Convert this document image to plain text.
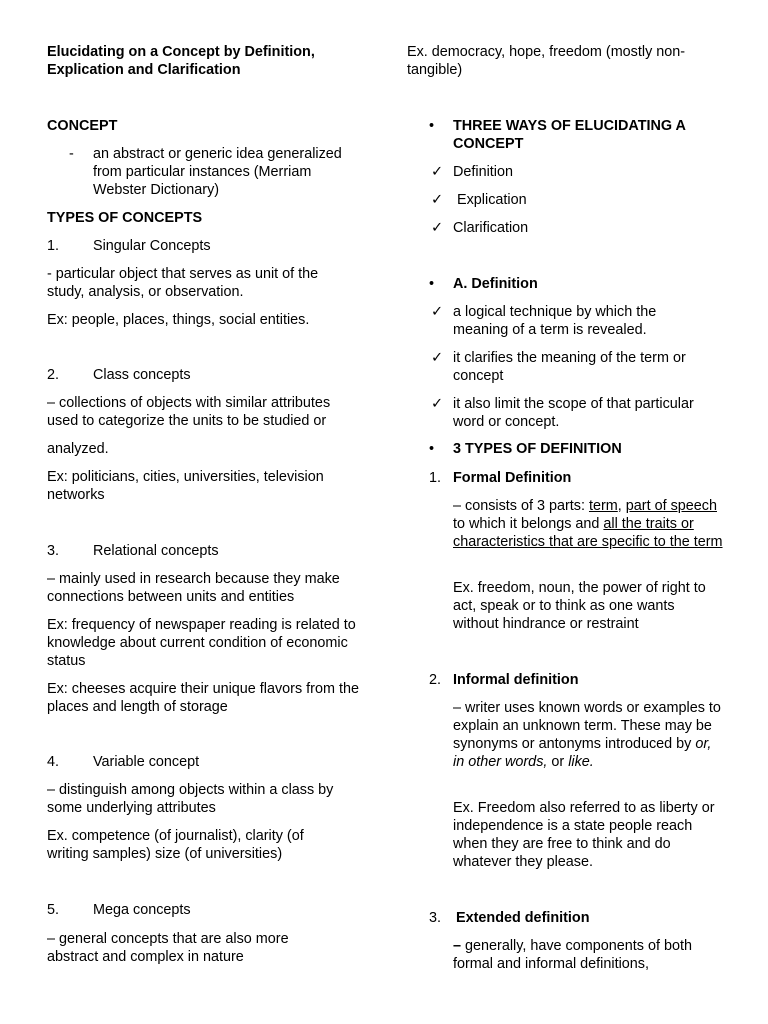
Elucidating on a Concept by Definition, Explication and Clarification
CONCEPT
- an abstract or generic idea generalized from particular instances (Merriam Webster Dictionary)
TYPES OF CONCEPTS
1. Singular Concepts
- particular object that serves as unit of the study, analysis, or observation.
Ex: people, places, things, social entities.
2. Class concepts
– collections of objects with similar attributes used to categorize the units to be studied or
analyzed.
Ex: politicians, cities, universities, television networks
3. Relational concepts
– mainly used in research because they make connections between units and entities
Ex: frequency of newspaper reading is related to knowledge about current condition of economic status
Ex: cheeses acquire their unique flavors from the places and length of storage
4. Variable concept
– distinguish among objects within a class by some underlying attributes
Ex. competence (of journalist), clarity (of writing samples) size (of universities)
5. Mega concepts
– general concepts that are also more abstract and complex in nature
Ex. democracy, hope, freedom (mostly non-tangible)
• THREE WAYS OF ELUCIDATING A CONCEPT
✓ Definition
✓ Explication
✓ Clarification
• A. Definition
✓ a logical technique by which the meaning of a term is revealed.
✓ it clarifies the meaning of the term or concept
✓ it also limit the scope of that particular word or concept.
• 3 TYPES OF DEFINITION
1. Formal Definition
– consists of 3 parts: term, part of speech to which it belongs and all the traits or characteristics that are specific to the term
Ex. freedom, noun, the power of right to act, speak or to think as one wants without hindrance or restraint
2. Informal definition
– writer uses known words or examples to explain an unknown term. These may be synonyms or antonyms introduced by or, in other words, or like.
Ex. Freedom also referred to as liberty or independence is a state people reach when they are free to think and do whatever they please.
3. Extended definition
– generally, have components of both formal and informal definitions,
